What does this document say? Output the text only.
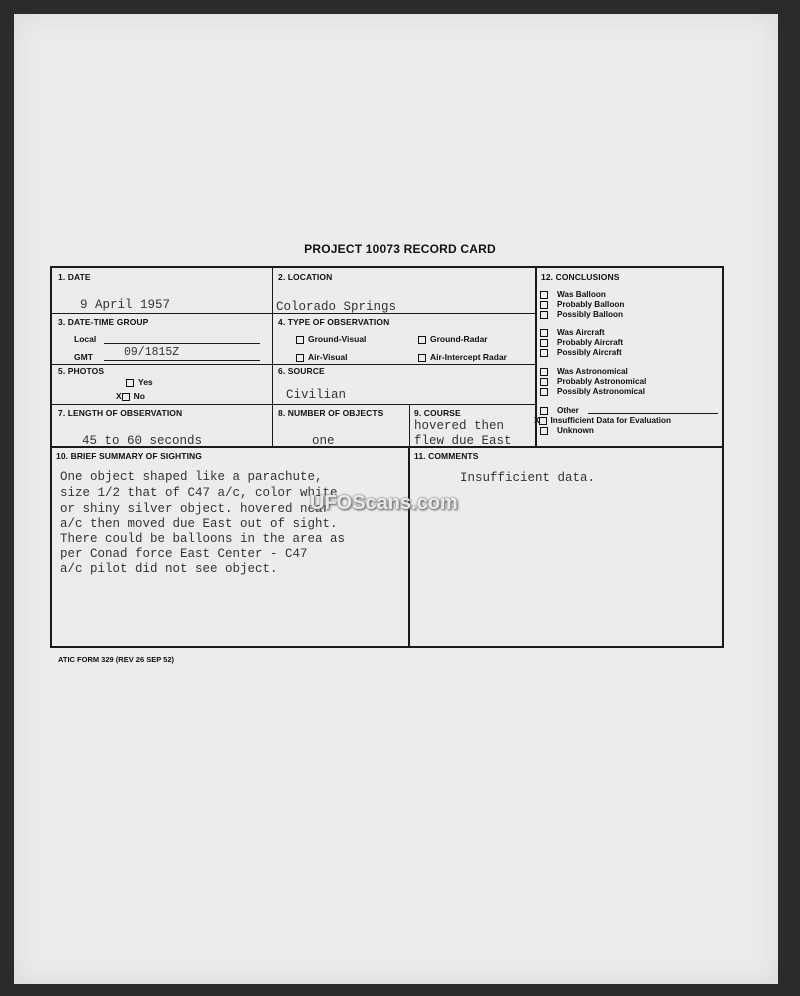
PROJECT 10073 RECORD CARD
1. DATE
9 April 1957
2. LOCATION
Colorado Springs
3. DATE-TIME GROUP
Local
GMT	09/1815Z
4. TYPE OF OBSERVATION
Ground-Visual	Ground-Radar
Air-Visual	Air-Intercept Radar
5. PHOTOS
Yes
X No
6. SOURCE
Civilian
7. LENGTH OF OBSERVATION
45 to 60 seconds
8. NUMBER OF OBJECTS
one
9. COURSE
hovered then
flew due East
10. BRIEF SUMMARY OF SIGHTING
One object shaped like a parachute,
size 1/2 that of C47 a/c, color white
or shiny silver object. hovered near
a/c then moved due East out of sight.
There could be balloons in the area as
per Conad force East Center - C47
a/c pilot did not see object.
11. COMMENTS
Insufficient data.
12. CONCLUSIONS
Was Balloon
Probably Balloon
Possibly Balloon
Was Aircraft
Probably Aircraft
Possibly Aircraft
Was Astronomical
Probably Astronomical
Possibly Astronomical
Other
X Insufficient Data for Evaluation
Unknown
ATIC FORM 329 (REV 26 SEP 52)
UFOScans.com
